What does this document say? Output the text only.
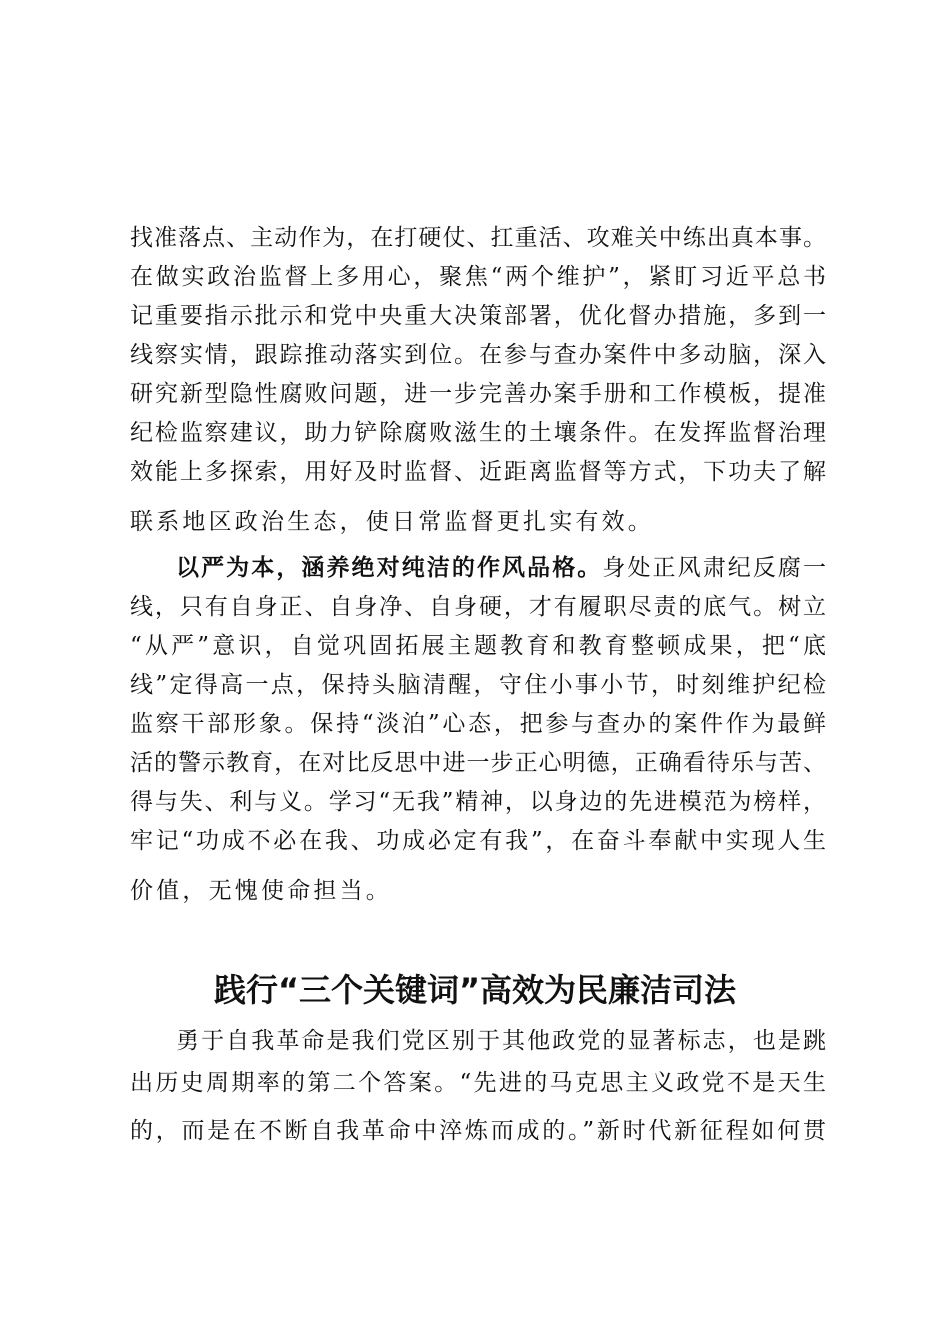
找准落点、主动作为，在打硬仗、扛重活、攻难关中练出真本事。
在做实政治监督上多用心，聚焦“两个维护”，紧盯习近平总书
记重要指示批示和党中央重大决策部署，优化督办措施，多到一
线察实情，跟踪推动落实到位。在参与查办案件中多动脑，深入
研究新型隐性腐败问题，进一步完善办案手册和工作模板，提准
纪检监察建议，助力铲除腐败滋生的土壤条件。在发挥监督治理
效能上多探索，用好及时监督、近距离监督等方式，下功夫了解
联系地区政治生态，使日常监督更扎实有效。
以严为本，涵养绝对纯洁的作风品格。身处正风肃纪反腐一
线，只有自身正、自身净、自身硬，才有履职尽责的底气。树立
“从严”意识，自觉巩固拓展主题教育和教育整顿成果，把“底
线”定得高一点，保持头脑清醒，守住小事小节，时刻维护纪检
监察干部形象。保持“淡泊”心态，把参与查办的案件作为最鲜
活的警示教育，在对比反思中进一步正心明德，正确看待乐与苦、
得与失、利与义。学习“无我”精神，以身边的先进模范为榜样，
牢记“功成不必在我、功成必定有我”，在奋斗奉献中实现人生
价值，无愧使命担当。
践行“三个关键词”高效为民廉洁司法
勇于自我革命是我们党区别于其他政党的显著标志，也是跳
出历史周期率的第二个答案。“先进的马克思主义政党不是天生
的，而是在不断自我革命中淬炼而成的。”新时代新征程如何贯
